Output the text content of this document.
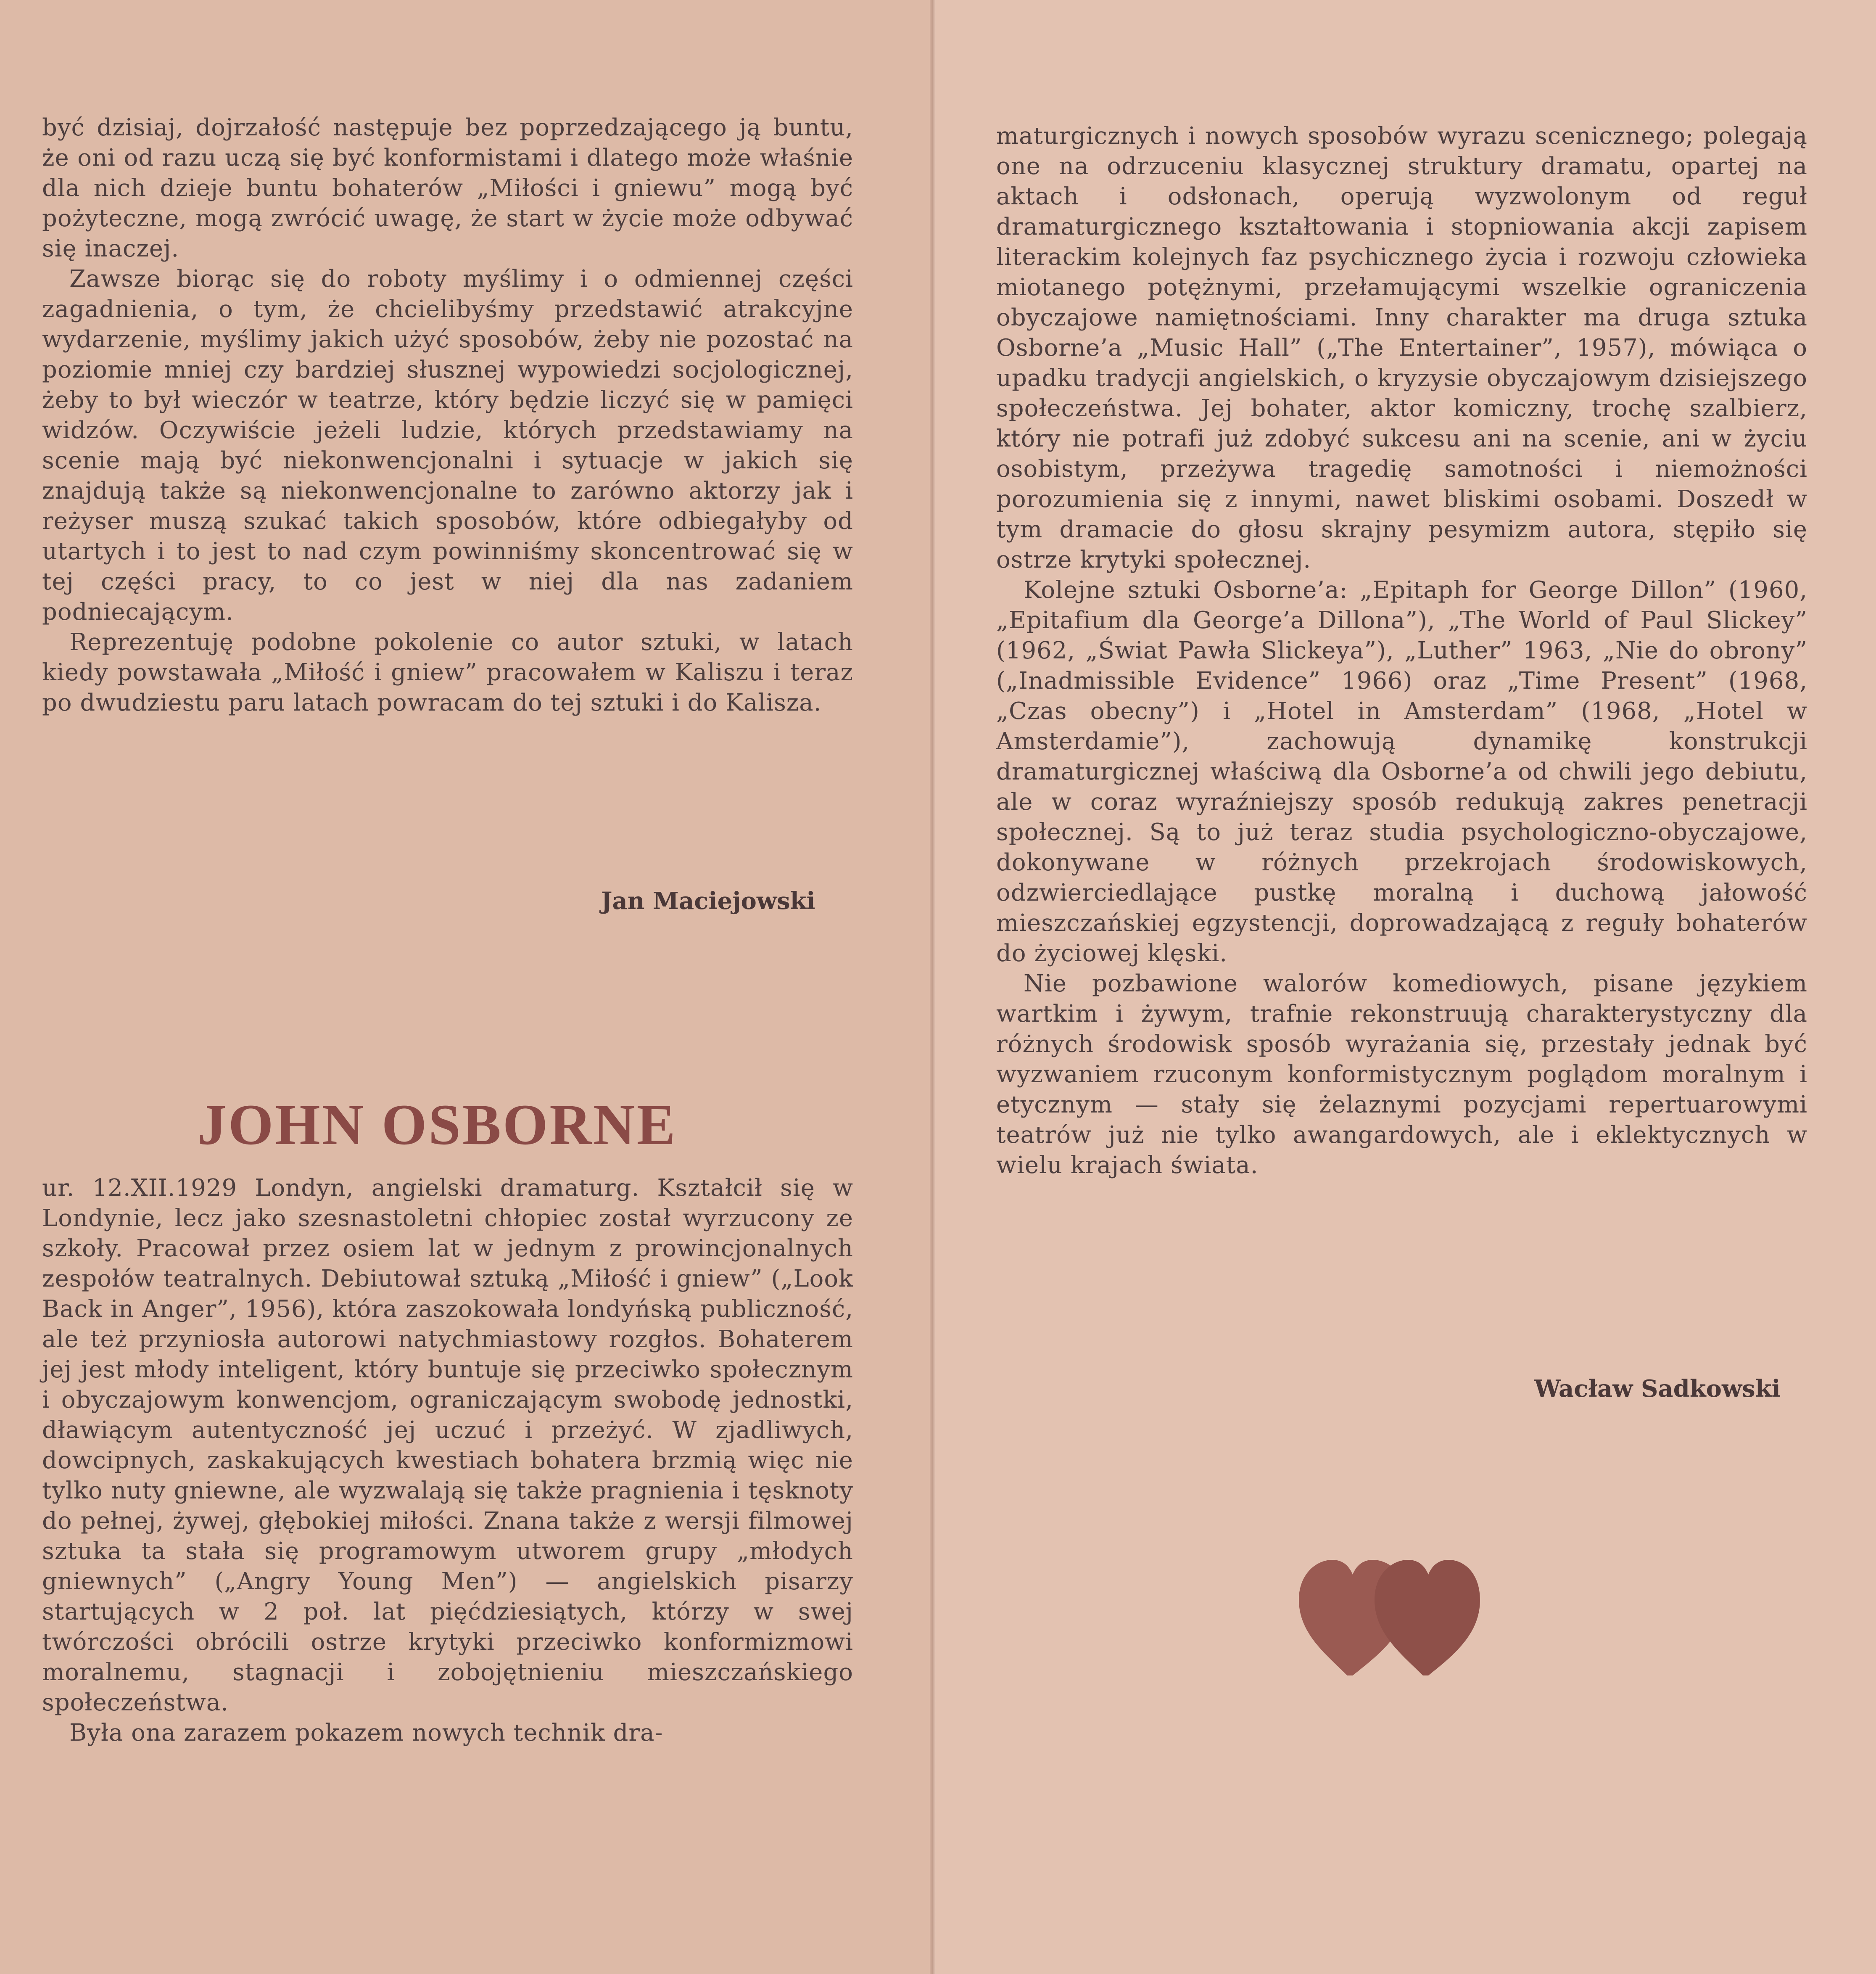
być dzisiaj, dojrzałość następuje bez poprzedzającego ją buntu, że oni od razu uczą się być konformistami i dlatego może właśnie dla nich dzieje buntu bohaterów „Miłości i gniewu” mogą być pożyteczne, mogą zwrócić uwagę, że start w życie może odbywać się inaczej.

Zawsze biorąc się do roboty myślimy i o odmiennej części zagadnienia, o tym, że chcielibyśmy przedstawić atrakcyjne wydarzenie, myślimy jakich użyć sposobów, żeby nie pozostać na poziomie mniej czy bardziej słusznej wypowiedzi socjologicznej, żeby to był wieczór w teatrze, który będzie liczyć się w pamięci widzów. Oczywiście jeżeli ludzie, których przedstawiamy na scenie mają być niekonwencjonalni i sytuacje w jakich się znajdują także są niekonwencjonalne to zarówno aktorzy jak i reżyser muszą szukać takich sposobów, które odbiegałyby od utartych i to jest to nad czym powinniśmy skoncentrować się w tej części pracy, to co jest w niej dla nas zadaniem podniecającym.

Reprezentuję podobne pokolenie co autor sztuki, w latach kiedy powstawała „Miłość i gniew” pracowałem w Kaliszu i teraz po dwudziestu paru latach powracam do tej sztuki i do Kalisza.

Jan Maciejowski
JOHN OSBORNE

ur. 12.XII.1929 Londyn, angielski dramaturg. Kształcił się w Londynie, lecz jako szesnastoletni chłopiec został wyrzucony ze szkoły. Pracował przez osiem lat w jednym z prowincjonalnych zespołów teatralnych. Debiutował sztuką „Miłość i gniew” („Look Back in Anger”, 1956), która zaszokowała londyńską publiczność, ale też przyniosła autorowi natychmiastowy rozgłos. Bohaterem jej jest młody inteligent, który buntuje się przeciwko społecznym i obyczajowym konwencjom, ograniczającym swobodę jednostki, dławiącym autentyczność jej uczuć i przeżyć. W zjadliwych, dowcipnych, zaskakujących kwestiach bohatera brzmią więc nie tylko nuty gniewne, ale wyzwalają się także pragnienia i tęsknoty do pełnej, żywej, głębokiej miłości. Znana także z wersji filmowej sztuka ta stała się programowym utworem grupy „młodych gniewnych” („Angry Young Men”) — angielskich pisarzy startujących w 2 poł. lat pięćdziesiątych, którzy w swej twórczości obrócili ostrze krytyki przeciwko konformizmowi moralnemu, stagnacji i zobojętnieniu mieszczańskiego społeczeństwa.

Była ona zarazem pokazem nowych technik dra-

maturgicznych i nowych sposobów wyrazu scenicznego; polegają one na odrzuceniu klasycznej struktury dramatu, opartej na aktach i odsłonach, operują wyzwolonym od reguł dramaturgicznego kształtowania i stopniowania akcji zapisem literackim kolejnych faz psychicznego życia i rozwoju człowieka miotanego potężnymi, przełamującymi wszelkie ograniczenia obyczajowe namiętnościami. Inny charakter ma druga sztuka Osborne’a „Music Hall” („The Entertainer”, 1957), mówiąca o upadku tradycji angielskich, o kryzysie obyczajowym dzisiejszego społeczeństwa. Jej bohater, aktor komiczny, trochę szalbierz, który nie potrafi już zdobyć sukcesu ani na scenie, ani w życiu osobistym, przeżywa tragedię samotności i niemożności porozumienia się z innymi, nawet bliskimi osobami. Doszedł w tym dramacie do głosu skrajny pesymizm autora, stępiło się ostrze krytyki społecznej.

Kolejne sztuki Osborne’a: „Epitaph for George Dillon” (1960, „Epitafium dla George’a Dillona”), „The World of Paul Slickey” (1962, „Świat Pawła Slickeya”), „Luther” 1963, „Nie do obrony” („Inadmissible Evidence” 1966) oraz „Time Present” (1968, „Czas obecny”) i „Hotel in Amsterdam” (1968, „Hotel w Amsterdamie”), zachowują dynamikę konstrukcji dramaturgicznej właściwą dla Osborne’a od chwili jego debiutu, ale w coraz wyraźniejszy sposób redukują zakres penetracji społecznej. Są to już teraz studia psychologiczno-obyczajowe, dokonywane w różnych przekrojach środowiskowych, odzwierciedlające pustkę moralną i duchową jałowość mieszczańskiej egzystencji, doprowadzającą z reguły bohaterów do życiowej klęski.

Nie pozbawione walorów komediowych, pisane językiem wartkim i żywym, trafnie rekonstruują charakterystyczny dla różnych środowisk sposób wyrażania się, przestały jednak być wyzwaniem rzuconym konformistycznym poglądom moralnym i etycznym — stały się żelaznymi pozycjami repertuarowymi teatrów już nie tylko awangardowych, ale i eklektycznych w wielu krajach świata.

Wacław Sadkowski
